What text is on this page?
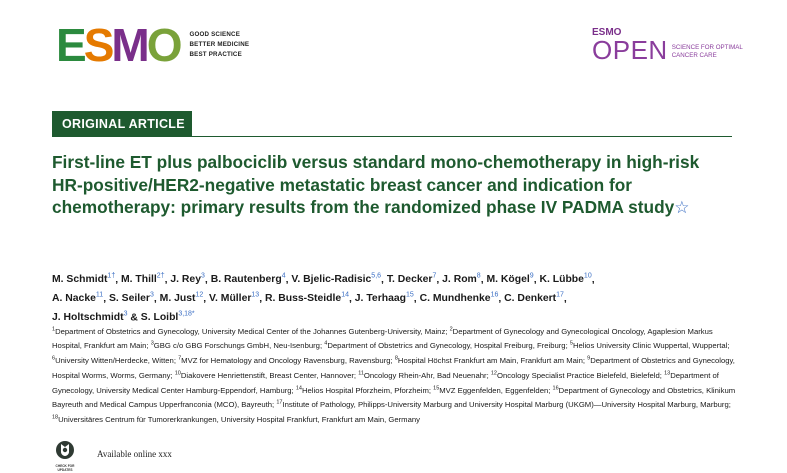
E S M O GOOD SCIENCE
BETTER MEDICINE
BEST PRACTICE
ESMO
OPEN SCIENCE FOR OPTIMAL
CANCER CARE
ORIGINAL ARTICLE
First-line ET plus palbociclib versus standard mono-chemotherapy in high-risk HR-positive/HER2-negative metastatic breast cancer and indication for chemotherapy: primary results from the randomized phase IV PADMA study☆
M. Schmidt$^{1\dagger}$, M. Thill$^{2\dagger}$, J. Rey$^3$, B. Rautenberg$^4$, V. Bjelic-Radisic$^{5,6}$, T. Decker$^7$, J. Rom$^8$, M. Kögel$^9$, K. Lübbe$^{10}$,
A. Nacke$^{11}$, S. Seiler$^3$, M. Just$^{12}$, V. Müller$^{13}$, R. Buss-Steidle$^{14}$, J. Terhaag$^{15}$, C. Mundhenke$^{16}$, C. Denkert$^{17}$,
J. Holtschmidt$^3$ & S. Loibl$^{3,18*}$
$^1$Department of Obstetrics and Gynecology, University Medical Center of the Johannes Gutenberg-University, Mainz; $^2$Department of Gynecology and Gynecological Oncology, Agaplesion Markus Hospital, Frankfurt am Main; $^3$GBG c/o GBG Forschungs GmbH, Neu-Isenburg; $^4$Department of Obstetrics and Gynecology, Hospital Freiburg, Freiburg; $^5$Helios University Clinic Wuppertal, Wuppertal; $^6$University Witten/Herdecke, Witten; $^7$MVZ for Hematology and Oncology Ravensburg, Ravensburg; $^8$Hospital Höchst Frankfurt am Main, Frankfurt am Main; $^9$Department of Obstetrics and Gynecology, Hospital Worms, Worms, Germany; $^{10}$Diakovere Henriettenstift, Breast Center, Hannover; $^{11}$Oncology Rhein-Ahr, Bad Neuenahr; $^{12}$Oncology Specialist Practice Bielefeld, Bielefeld; $^{13}$Department of Gynecology, University Medical Center Hamburg-Eppendorf, Hamburg; $^{14}$Helios Hospital Pforzheim, Pforzheim; $^{15}$MVZ Eggenfelden, Eggenfelden; $^{16}$Department of Gynecology and Obstetrics, Klinikum Bayreuth and Medical Campus Upperfranconia (MCO), Bayreuth; $^{17}$Institute of Pathology, Philipps-University Marburg and University Hospital Marburg (UKGM)—University Hospital Marburg, Marburg; $^{18}$Universitäres Centrum für Tumorerkrankungen, University Hospital Frankfurt, Frankfurt am Main, Germany
CHECK FOR
UPDATES
Available online xxx
